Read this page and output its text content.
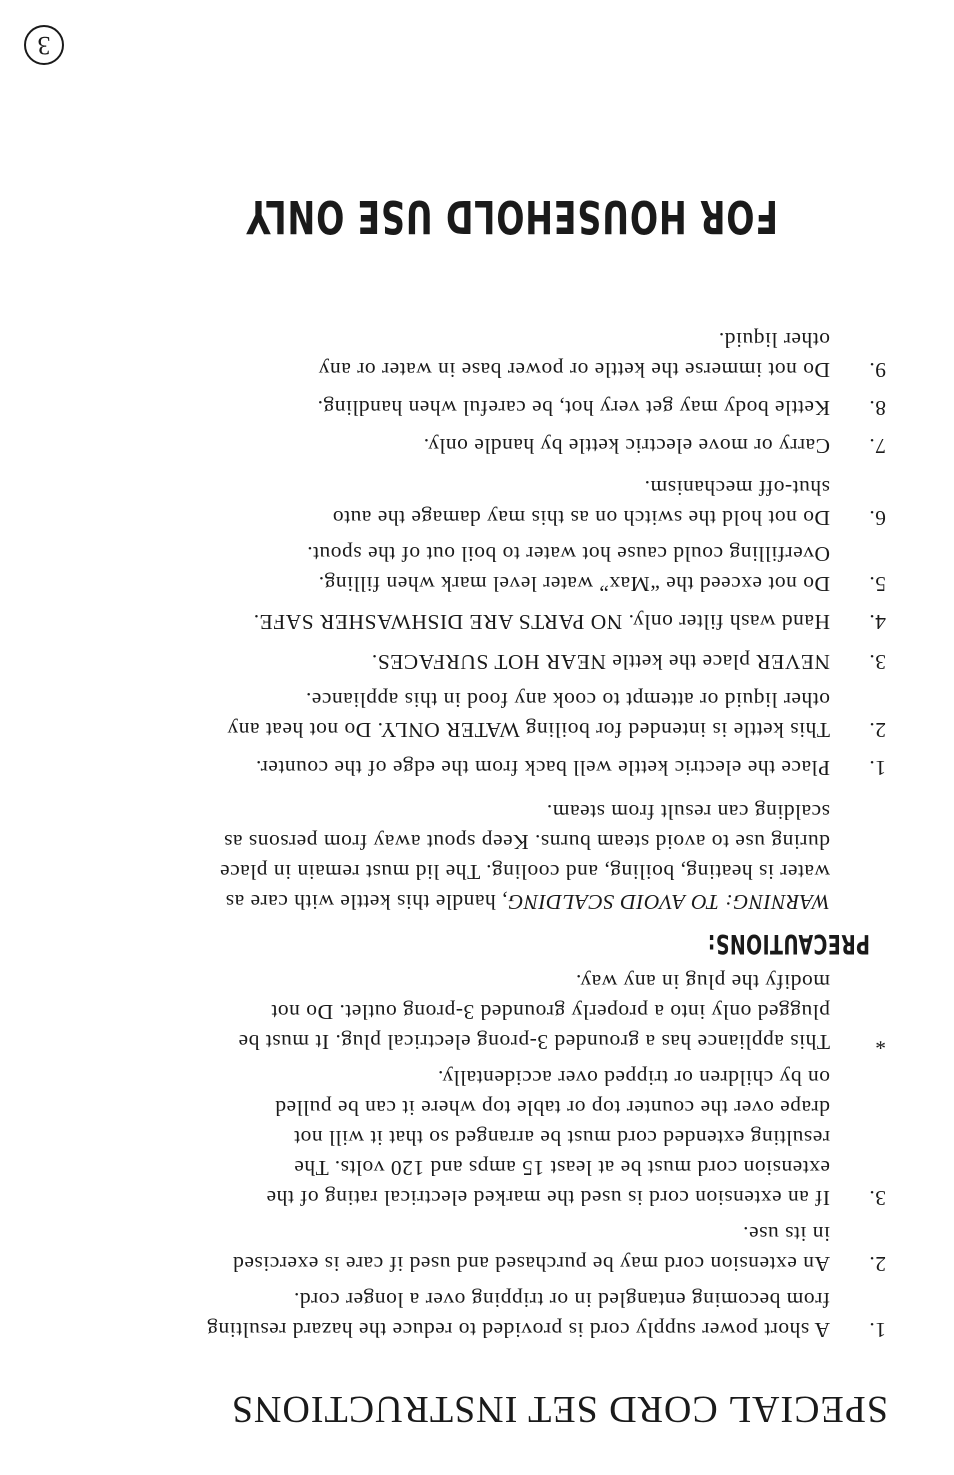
SPECIAL CORD SET INSTRUCTIONS
1.
A short power supply cord is provided to reduce the hazard resulting
from becoming entangled in or tripping over a longer cord.
2.
An extension cord may be purchased and used if care is exercised
in its use.
3.
If an extension cord is used the marked electrical rating of the
extension cord must be at least 15 amps and 120 volts. The
resulting extended cord must be arranged so that it will not
drape over the counter top or table top where it can be pulled
on by children or tripped over accidentally.
*
This appliance has a grounded 3-prong electrical plug. It must be
plugged only into a properly grounded 3-prong outlet. Do not
modify the plug in any way.
PRECAUTIONS:
WARNING: TO AVOID SCALDING, handle this kettle with care as
water is heating, boiling, and cooling. The lid must remain in place
during use to avoid steam burns. Keep spout away from persons as
scalding can result from steam.
1.
Place the electric kettle well back from the edge of the counter.
2.
This kettle is intended for boiling WATER ONLY. Do not heat any
other liquid or attempt to cook any food in this appliance.
3.
NEVER place the kettle NEAR HOT SURFACES.
4.
Hand wash filter only. NO PARTS ARE DISHWASHER SAFE.
5.
Do not exceed the “Max” water level mark when filling.
Overfilling could cause hot water to boil out of the spout.
6.
Do not hold the switch on as this may damage the auto
shut-off mechanism.
7.
Carry or move electric kettle by handle only.
8.
Kettle body may get very hot, be careful when handling.
9.
Do not immerse the kettle or power base in water or any
other liquid.
FOR HOUSEHOLD USE ONLY
3
